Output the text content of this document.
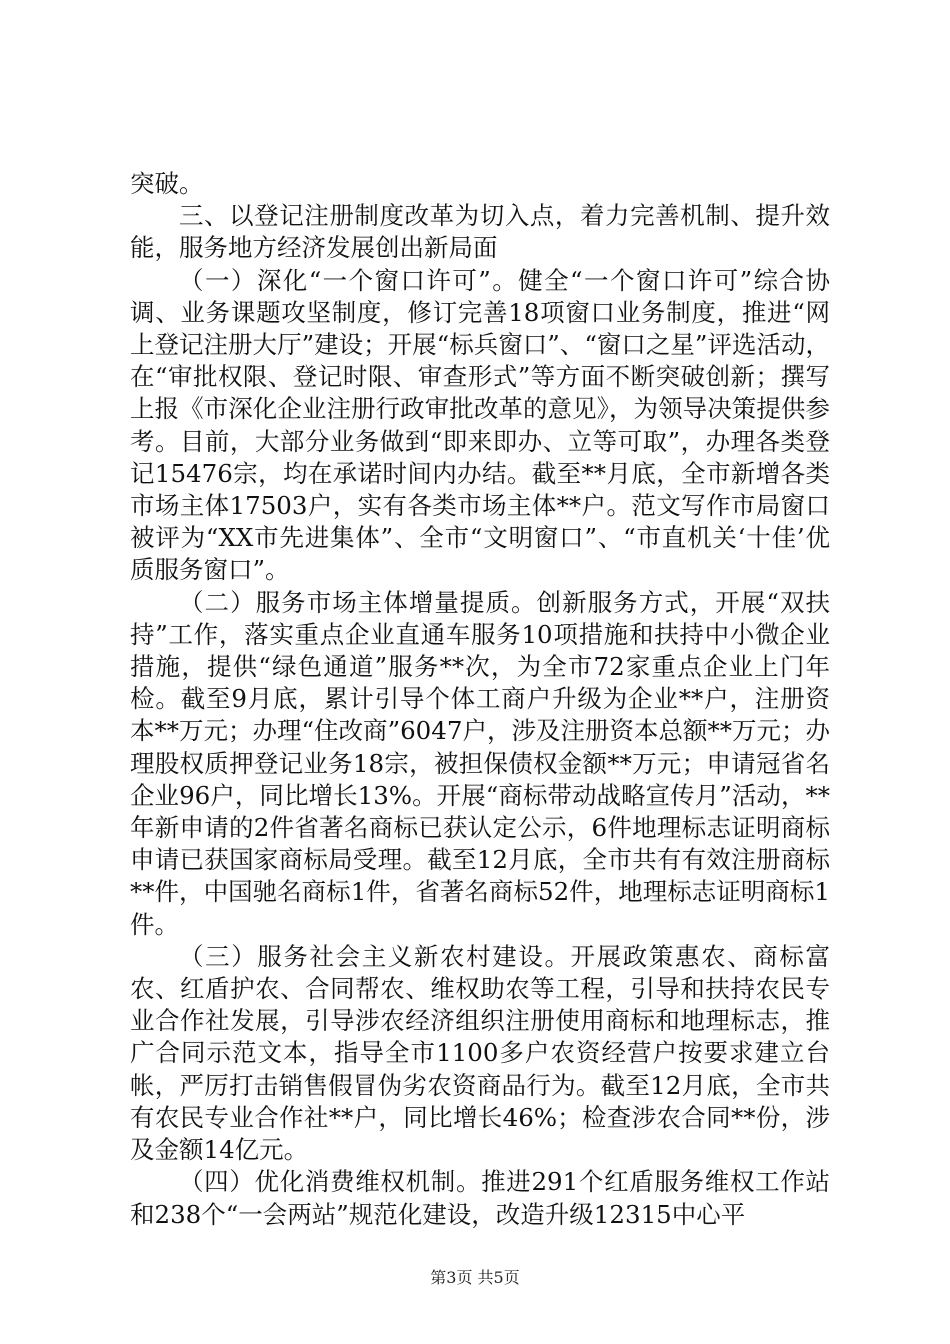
突破。

三、以登记注册制度改革为切入点，着力完善机制、提升效能，服务地方经济发展创出新局面

（一）深化“一个窗口许可”。健全“一个窗口许可”综合协调、业务课题攻坚制度，修订完善18项窗口业务制度，推进“网上登记注册大厅”建设；开展“标兵窗口”、“窗口之星”评选活动，在“审批权限、登记时限、审查形式”等方面不断突破创新；撰写上报《市深化企业注册行政审批改革的意见》，为领导决策提供参考。目前，大部分业务做到“即来即办、立等可取”，办理各类登记15476宗，均在承诺时间内办结。截至**月底，全市新增各类市场主体17503户，实有各类市场主体**户。范文写作市局窗口被评为“XX市先进集体”、全市“文明窗口”、“市直机关‘十佳’优质服务窗口”。

（二）服务市场主体增量提质。创新服务方式，开展“双扶持”工作，落实重点企业直通车服务10项措施和扶持中小微企业措施，提供“绿色通道”服务**次，为全市72家重点企业上门年检。截至9月底，累计引导个体工商户升级为企业**户，注册资本**万元；办理“住改商”6047户，涉及注册资本总额**万元；办理股权质押登记业务18宗，被担保债权金额**万元；申请冠省名企业96户，同比增长13%。开展“商标带动战略宣传月”活动，**年新申请的2件省著名商标已获认定公示，6件地理标志证明商标申请已获国家商标局受理。截至12月底，全市共有有效注册商标**件，中国驰名商标1件，省著名商标52件，地理标志证明商标1件。

（三）服务社会主义新农村建设。开展政策惠农、商标富农、红盾护农、合同帮农、维权助农等工程，引导和扶持农民专业合作社发展，引导涉农经济组织注册使用商标和地理标志，推广合同示范文本，指导全市1100多户农资经营户按要求建立台帐，严厉打击销售假冒伪劣农资商品行为。截至12月底，全市共有农民专业合作社**户，同比增长46%；检查涉农合同**份，涉及金额14亿元。

（四）优化消费维权机制。推进291个红盾服务维权工作站和238个“一会两站”规范化建设，改造升级12315中心平

第3页 共5页
